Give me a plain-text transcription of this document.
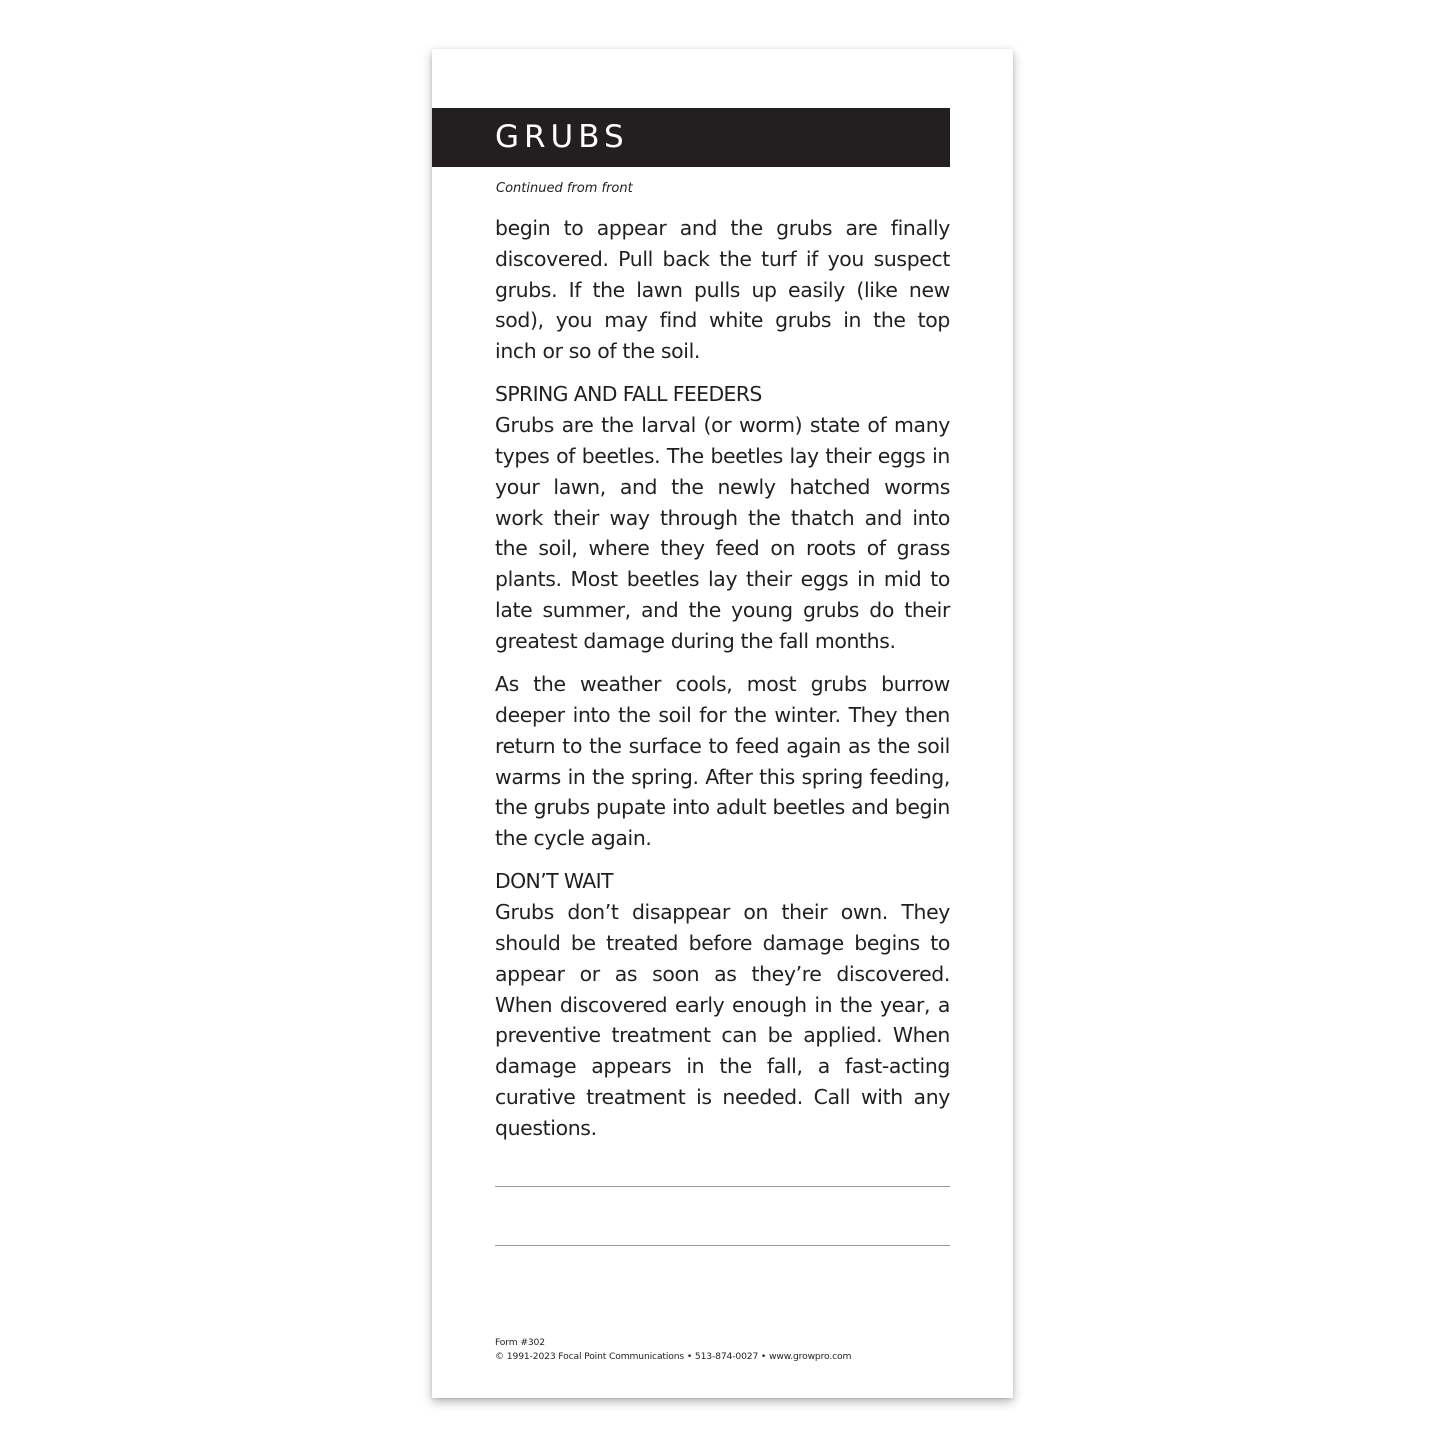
GRUBS

Continued from front

begin to appear and the grubs are finally discovered. Pull back the turf if you suspect grubs. If the lawn pulls up easily (like new sod), you may find white grubs in the top inch or so of the soil.

SPRING AND FALL FEEDERS
Grubs are the larval (or worm) state of many types of beetles. The beetles lay their eggs in your lawn, and the newly hatched worms work their way through the thatch and into the soil, where they feed on roots of grass plants. Most beetles lay their eggs in mid to late summer, and the young grubs do their greatest damage during the fall months.

As the weather cools, most grubs burrow deeper into the soil for the winter. They then return to the surface to feed again as the soil warms in the spring. After this spring feeding, the grubs pupate into adult beetles and begin the cycle again.

DON’T WAIT
Grubs don’t disappear on their own. They should be treated before damage begins to appear or as soon as they’re discovered. When discovered early enough in the year, a preventive treatment can be applied. When damage appears in the fall, a fast-acting curative treatment is needed. Call with any questions.

Form #302
© 1991-2023 Focal Point Communications • 513-874-0027 • www.growpro.com
